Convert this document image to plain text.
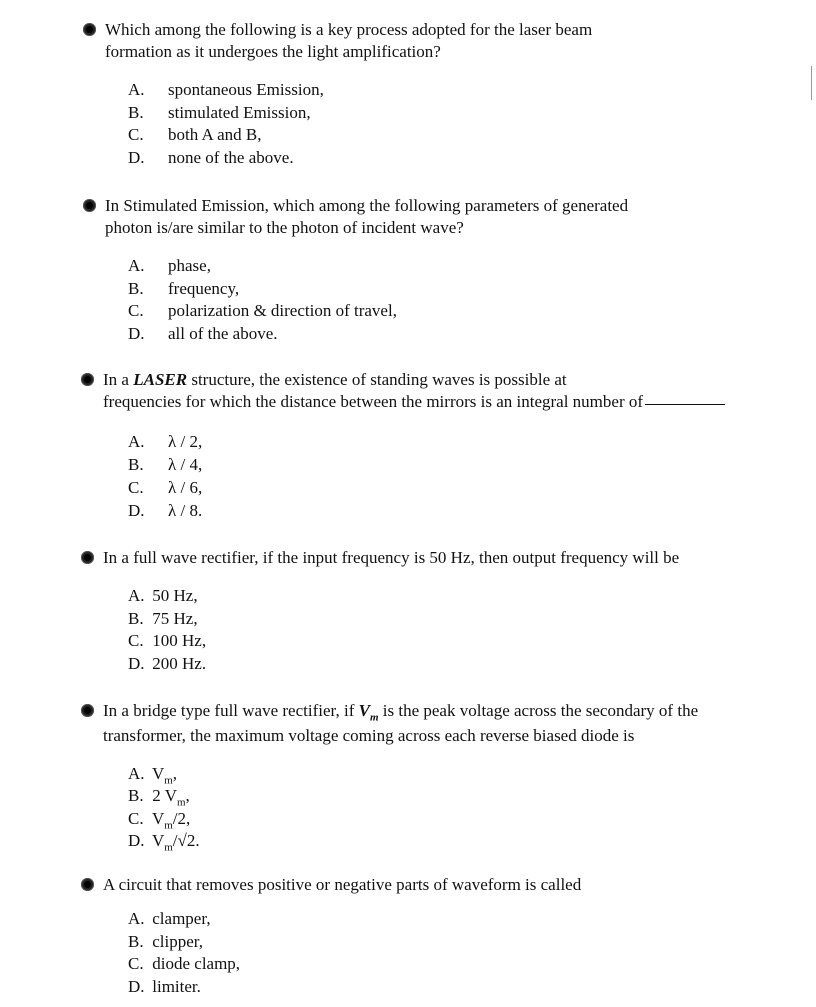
Which among the following is a key process adopted for the laser beam
formation as it undergoes the light amplification?
A. spontaneous Emission,
B. stimulated Emission,
C. both A and B,
D. none of the above.
In Stimulated Emission, which among the following parameters of generated
photon is/are similar to the photon of incident wave?
A. phase,
B. frequency,
C. polarization & direction of travel,
D. all of the above.
In a LASER structure, the existence of standing waves is possible at
frequencies for which the distance between the mirrors is an integral number of
A. λ / 2,
B. λ / 4,
C. λ / 6,
D. λ / 8.
In a full wave rectifier, if the input frequency is 50 Hz, then output frequency will be
A. 50 Hz,
B. 75 Hz,
C. 100 Hz,
D. 200 Hz.
In a bridge type full wave rectifier, if $V_m$ is the peak voltage across the secondary of the
transformer, the maximum voltage coming across each reverse biased diode is
A. $V_m$,
B. 2 $V_m$,
C. $V_m/2$,
D. $V_m/√2$.
A circuit that removes positive or negative parts of waveform is called
A. clamper,
B. clipper,
C. diode clamp,
D. limiter.
